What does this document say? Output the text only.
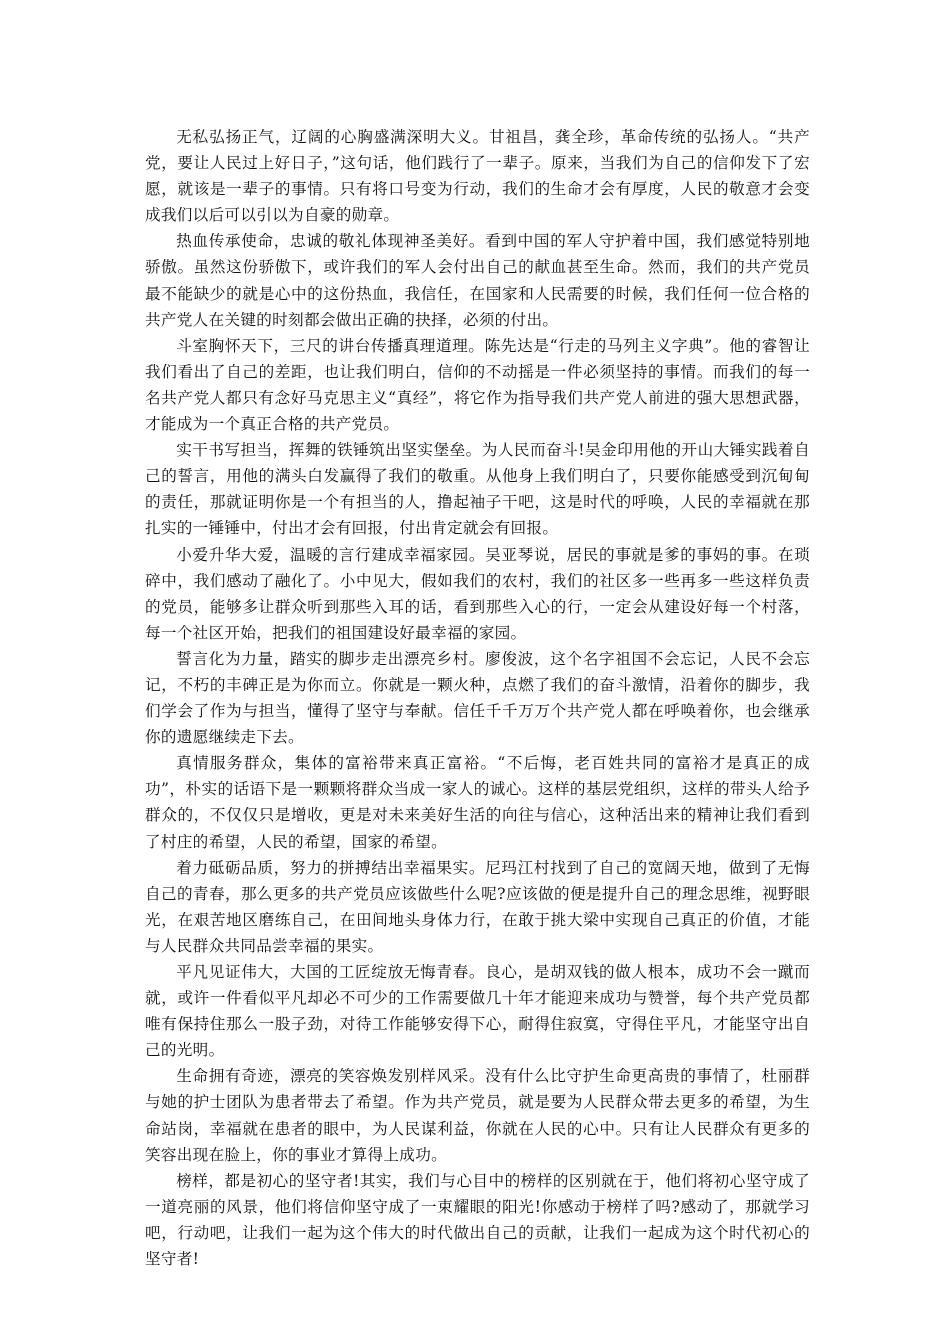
无私弘扬正气，辽阔的心胸盛满深明大义。甘祖昌，龚全珍，革命传统的弘扬人。“共产党，要让人民过上好日子，”这句话，他们践行了一辈子。原来，当我们为自己的信仰发下了宏愿，就该是一辈子的事情。只有将口号变为行动，我们的生命才会有厚度，人民的敬意才会变成我们以后可以引以为自豪的勋章。

热血传承使命，忠诚的敬礼体现神圣美好。看到中国的军人守护着中国，我们感觉特别地骄傲。虽然这份骄傲下，或许我们的军人会付出自己的献血甚至生命。然而，我们的共产党员最不能缺少的就是心中的这份热血，我信任，在国家和人民需要的时候，我们任何一位合格的共产党人在关键的时刻都会做出正确的抉择，必须的付出。

斗室胸怀天下，三尺的讲台传播真理道理。陈先达是“行走的马列主义字典”。他的睿智让我们看出了自己的差距，也让我们明白，信仰的不动摇是一件必须坚持的事情。而我们的每一名共产党人都只有念好马克思主义“真经”，将它作为指导我们共产党人前进的强大思想武器，才能成为一个真正合格的共产党员。

实干书写担当，挥舞的铁锤筑出坚实堡垒。为人民而奋斗!吴金印用他的开山大锤实践着自己的誓言，用他的满头白发赢得了我们的敬重。从他身上我们明白了，只要你能感受到沉甸甸的责任，那就证明你是一个有担当的人，撸起袖子干吧，这是时代的呼唤，人民的幸福就在那扎实的一锤锤中，付出才会有回报，付出肯定就会有回报。

小爱升华大爱，温暖的言行建成幸福家园。吴亚琴说，居民的事就是爹的事妈的事。在琐碎中，我们感动了融化了。小中见大，假如我们的农村，我们的社区多一些再多一些这样负责的党员，能够多让群众听到那些入耳的话，看到那些入心的行，一定会从建设好每一个村落，每一个社区开始，把我们的祖国建设好最幸福的家园。

誓言化为力量，踏实的脚步走出漂亮乡村。廖俊波，这个名字祖国不会忘记，人民不会忘记，不朽的丰碑正是为你而立。你就是一颗火种，点燃了我们的奋斗激情，沿着你的脚步，我们学会了作为与担当，懂得了坚守与奉献。信任千千万万个共产党人都在呼唤着你，也会继承你的遗愿继续走下去。

真情服务群众，集体的富裕带来真正富裕。“不后悔，老百姓共同的富裕才是真正的成功”，朴实的话语下是一颗颗将群众当成一家人的诚心。这样的基层党组织，这样的带头人给予群众的，不仅仅只是增收，更是对未来美好生活的向往与信心，这种活出来的精神让我们看到了村庄的希望，人民的希望，国家的希望。

着力砥砺品质，努力的拼搏结出幸福果实。尼玛江村找到了自己的宽阔天地，做到了无悔自己的青春，那么更多的共产党员应该做些什么呢?应该做的便是提升自己的理念思维，视野眼光，在艰苦地区磨练自己，在田间地头身体力行，在敢于挑大梁中实现自己真正的价值，才能与人民群众共同品尝幸福的果实。

平凡见证伟大，大国的工匠绽放无悔青春。良心，是胡双钱的做人根本，成功不会一蹴而就，或许一件看似平凡却必不可少的工作需要做几十年才能迎来成功与赞誉，每个共产党员都唯有保持住那么一股子劲，对待工作能够安得下心，耐得住寂寞，守得住平凡，才能坚守出自己的光明。

生命拥有奇迹，漂亮的笑容焕发别样风采。没有什么比守护生命更高贵的事情了，杜丽群与她的护士团队为患者带去了希望。作为共产党员，就是要为人民群众带去更多的希望，为生命站岗，幸福就在患者的眼中，为人民谋利益，你就在人民的心中。只有让人民群众有更多的笑容出现在脸上，你的事业才算得上成功。

榜样，都是初心的坚守者!其实，我们与心目中的榜样的区别就在于，他们将初心坚守成了一道亮丽的风景，他们将信仰坚守成了一束耀眼的阳光!你感动于榜样了吗?感动了，那就学习吧，行动吧，让我们一起为这个伟大的时代做出自己的贡献，让我们一起成为这个时代初心的坚守者!
